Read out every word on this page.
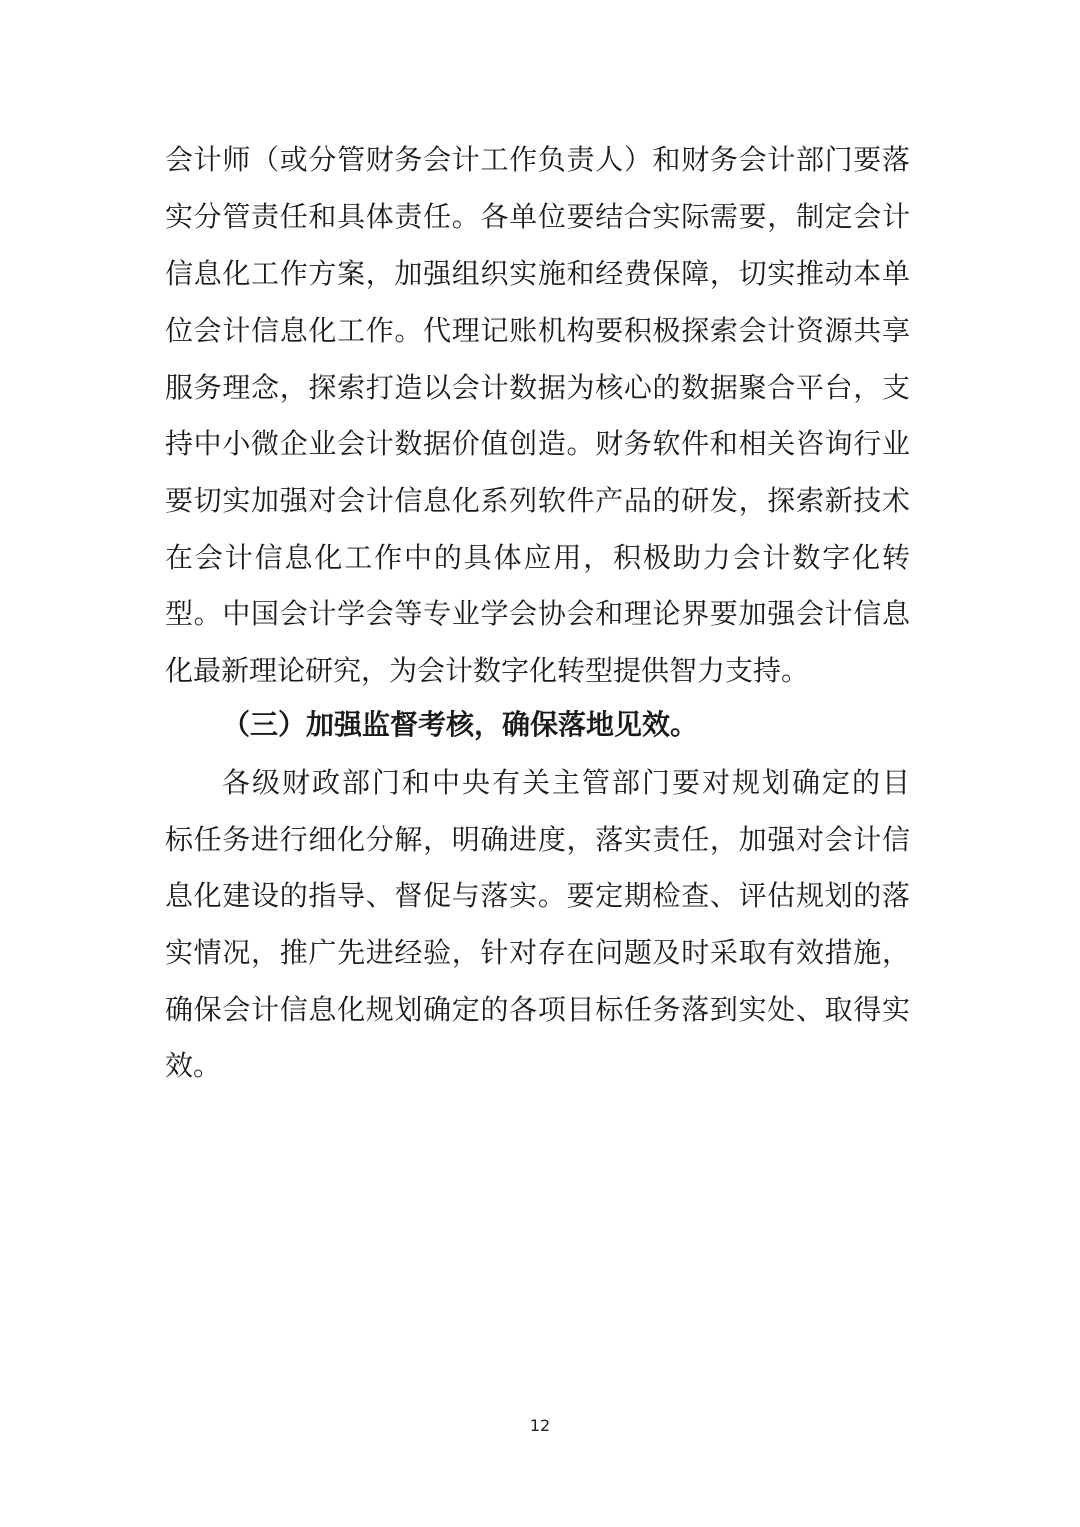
会计师（或分管财务会计工作负责人）和财务会计部门要落
实分管责任和具体责任。各单位要结合实际需要，制定会计
信息化工作方案，加强组织实施和经费保障，切实推动本单
位会计信息化工作。代理记账机构要积极探索会计资源共享
服务理念，探索打造以会计数据为核心的数据聚合平台，支
持中小微企业会计数据价值创造。财务软件和相关咨询行业
要切实加强对会计信息化系列软件产品的研发，探索新技术
在会计信息化工作中的具体应用，积极助力会计数字化转
型。中国会计学会等专业学会协会和理论界要加强会计信息
化最新理论研究，为会计数字化转型提供智力支持。
（三）加强监督考核，确保落地见效。
各级财政部门和中央有关主管部门要对规划确定的目
标任务进行细化分解，明确进度，落实责任，加强对会计信
息化建设的指导、督促与落实。要定期检查、评估规划的落
实情况，推广先进经验，针对存在问题及时采取有效措施，
确保会计信息化规划确定的各项目标任务落到实处、取得实
效。
12
